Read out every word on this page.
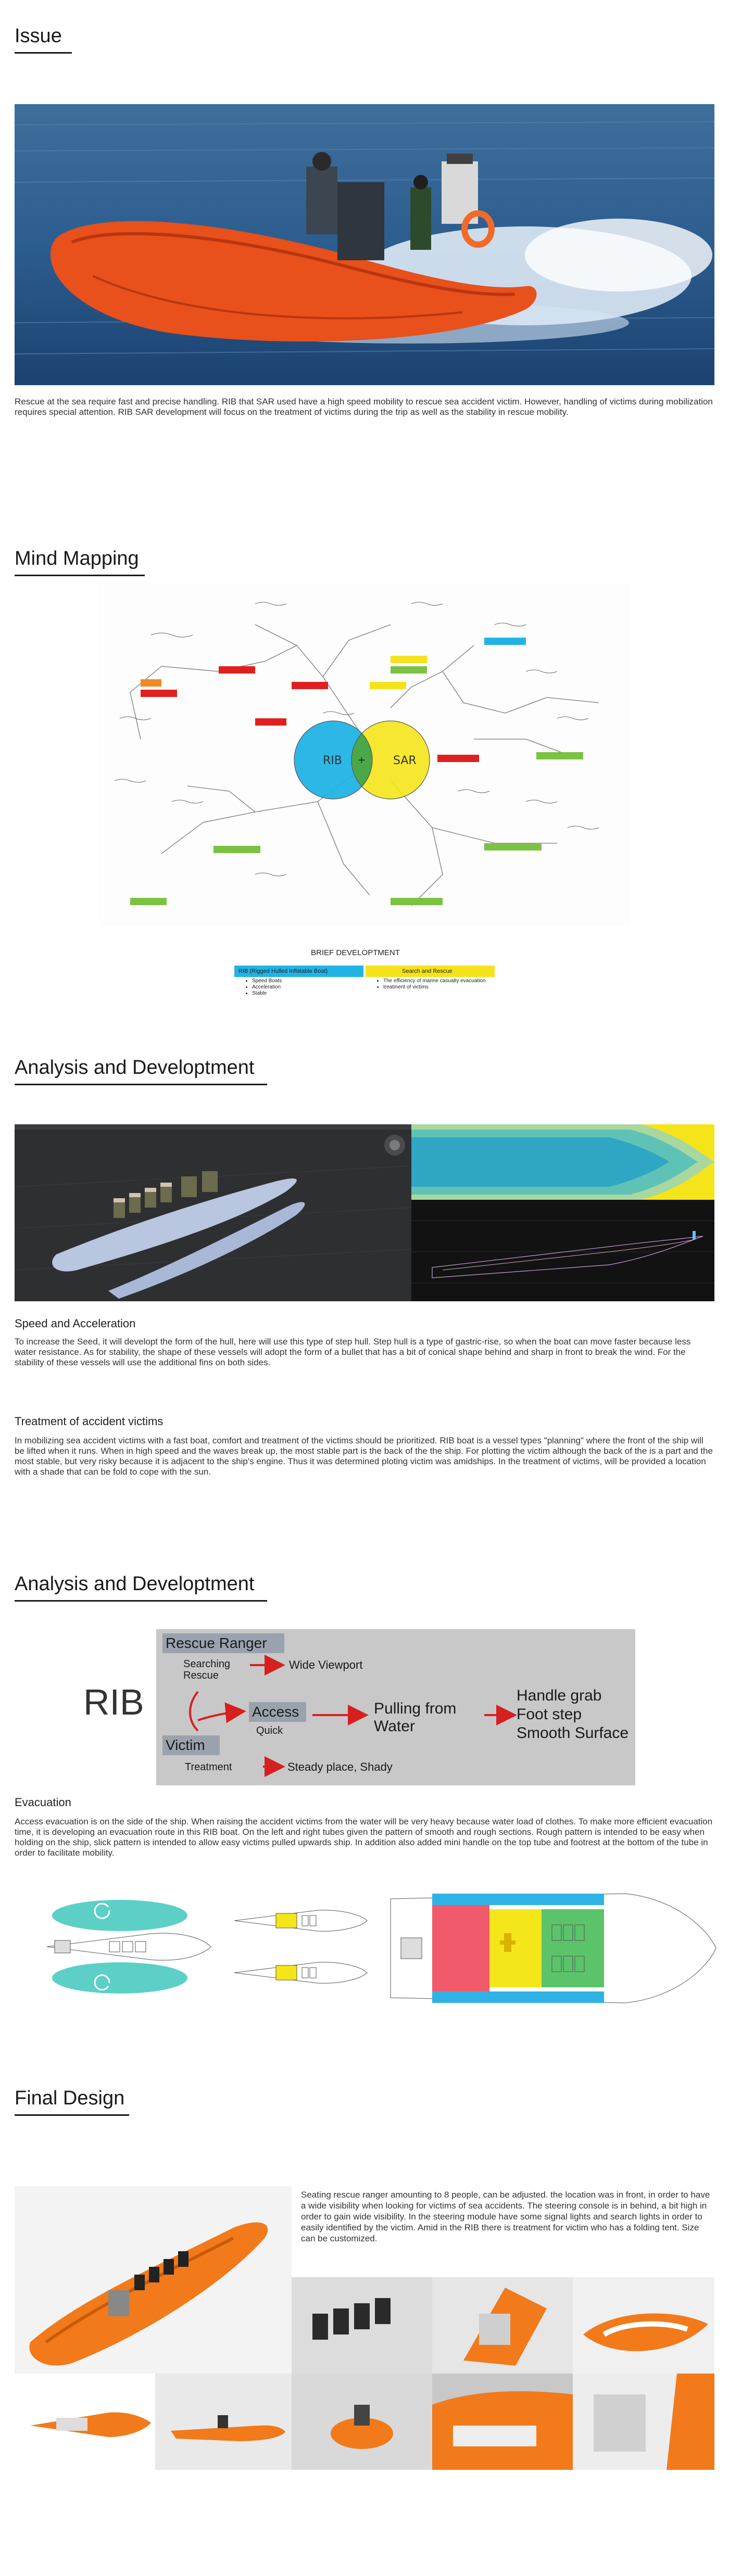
Issue
Rescue at the sea require fast and precise handling. RIB that SAR used have a high speed mobility to rescue sea accident victim. However, handling of victims during mobilization requires special attention. RIB SAR development will focus on the treatment of victims during the trip as well as the stability in rescue mobility.
Mind Mapping
RIB	SAR
+
BRIEF DEVELOPTMENT
RIB (Rigged Hulled Inflatable Boat)	Search and Rescue
• Speed Boats
• Acceleration
• Stable
• The efficiency of marine casualty evacuation
• treatment of victims
Analysis and Developtment
Speed and Acceleration
To increase the Seed, it will developt the form of the hull, here will use this type of step hull. Step hull is a type of gastric-rise, so when the boat can move faster because less water resistance. As for stability, the shape of these vessels will adopt the form of a bullet that has a bit of conical shape behind and sharp in front to break the wind. For the stability of these vessels will use the additional fins on both sides.
Treatment of accident victims
In mobilizing sea accident victims with a fast boat, comfort and treatment of the victims should be prioritized. RIB boat is a vessel types "planning" where the front of the ship will be lifted when it runs. When in high speed and the waves break up, the most stable part is the back of the the ship. For plotting the victim although the back of the is a part and the most stable, but very risky because it is adjacent to the ship's engine. Thus it was determined ploting victim was amidships. In the treatment of victims, will be provided a location with a shade that can be fold to cope with the sun.
Analysis and Developtment
RIB
Rescue Ranger
Searching
Rescue
Wide Viewport
Access
Quick
Pulling from
Water
Handle grab
Foot step
Smooth Surface
Victim
Treatment	Steady place, Shady
Evacuation
Access evacuation is on the side of the ship. When raising the accident victims from the water will be very heavy because water load of clothes. To make more efficient evacuation time, it is developing an evacuation route in this RIB boat. On the left and right tubes given the pattern of smooth and rough sections. Rough pattern is intended to be easy when holding on the ship, slick pattern is intended to allow easy victims pulled upwards ship. In addition also added mini handle on the top tube and footrest at the bottom of the tube in order to facilitate mobility.
Final Design
Seating rescue ranger amounting to 8 people, can be adjusted. the location was in front, in order to have a wide visibility when looking for victims of sea accidents. The steering console is in behind, a bit high in order to gain wide visibility. In the steering module have some signal lights and search lights in order to easily identified by the victim. Amid in the RIB there is treatment for victim who has a folding tent. Size can be customized.
